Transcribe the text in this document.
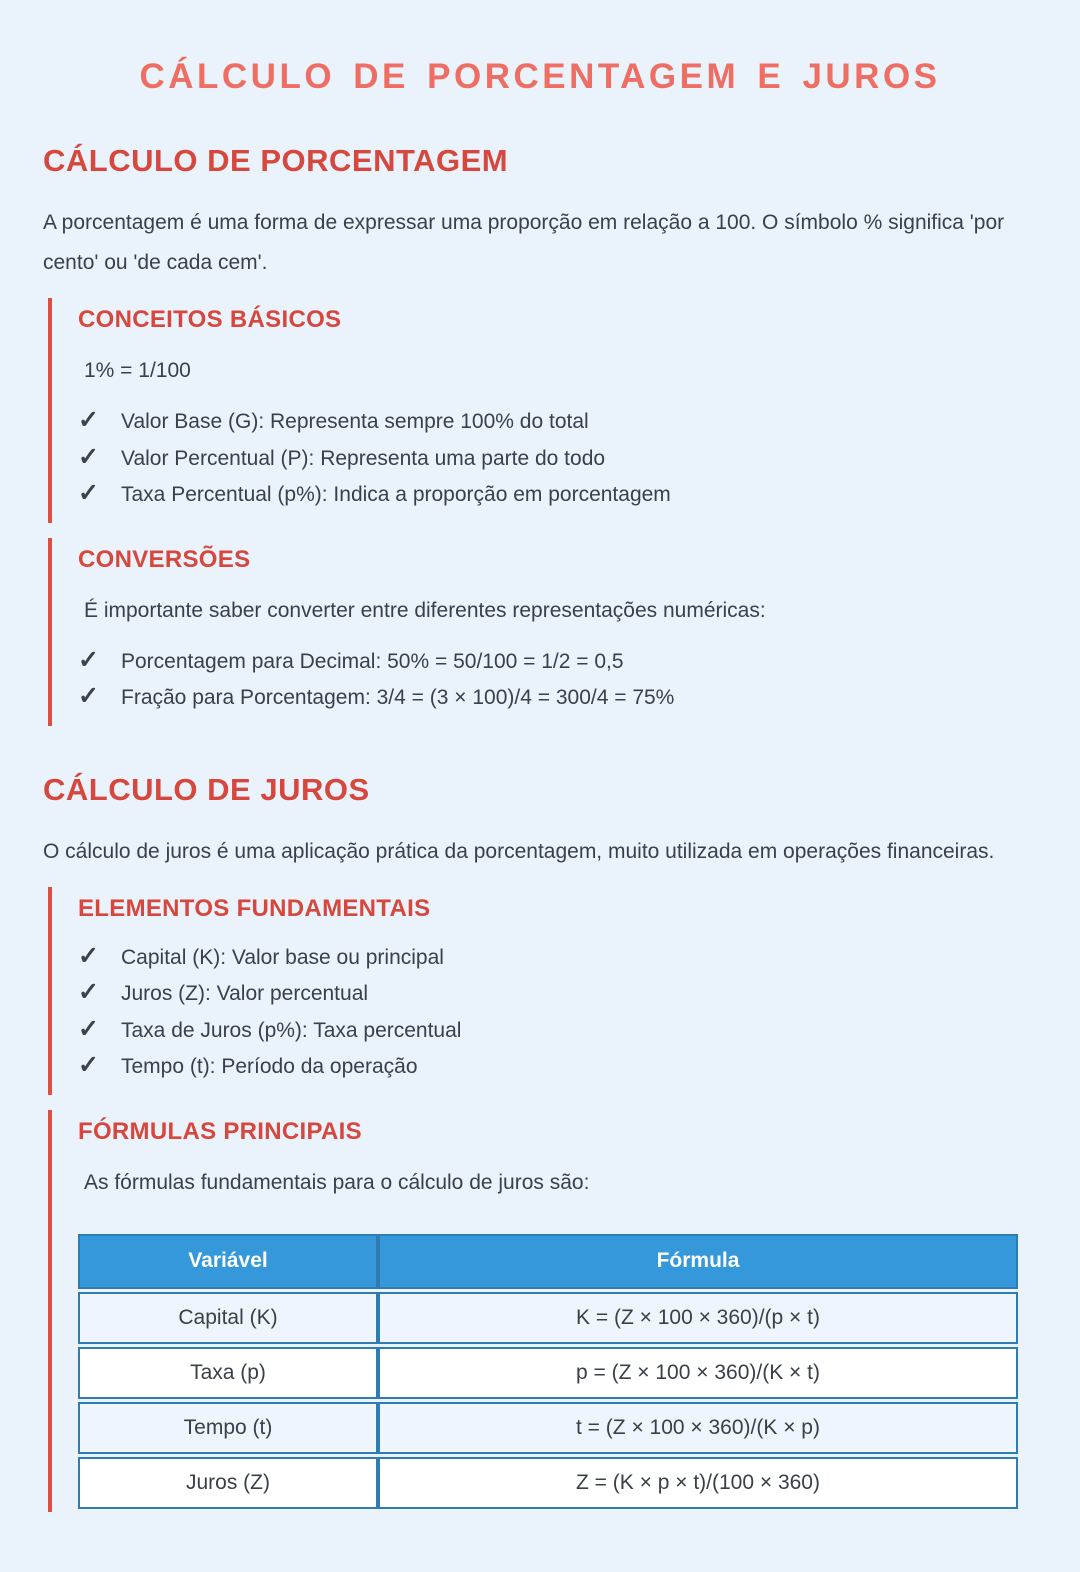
CÁLCULO DE PORCENTAGEM E JUROS
CÁLCULO DE PORCENTAGEM

A porcentagem é uma forma de expressar uma proporção em relação a 100. O símbolo % significa 'por cento' ou 'de cada cem'.

CONCEITOS BÁSICOS

1% = 1/100

✓	Valor Base (G): Representa sempre 100% do total
✓	Valor Percentual (P): Representa uma parte do todo
✓	Taxa Percentual (p%): Indica a proporção em porcentagem
CONVERSÕES

É importante saber converter entre diferentes representações numéricas:

✓	Porcentagem para Decimal: 50% = 50/100 = 1/2 = 0,5
✓	Fração para Porcentagem: 3/4 = (3 × 100)/4 = 300/4 = 75%
CÁLCULO DE JUROS

O cálculo de juros é uma aplicação prática da porcentagem, muito utilizada em operações financeiras.

ELEMENTOS FUNDAMENTAIS
✓	Capital (K): Valor base ou principal
✓	Juros (Z): Valor percentual
✓	Taxa de Juros (p%): Taxa percentual
✓	Tempo (t): Período da operação
FÓRMULAS PRINCIPAIS

As fórmulas fundamentais para o cálculo de juros são:

Variável	Fórmula
Capital (K)	K = (Z × 100 × 360)/(p × t)
Taxa (p)	p = (Z × 100 × 360)/(K × t)
Tempo (t)	t = (Z × 100 × 360)/(K × p)
Juros (Z)	Z = (K × p × t)/(100 × 360)
